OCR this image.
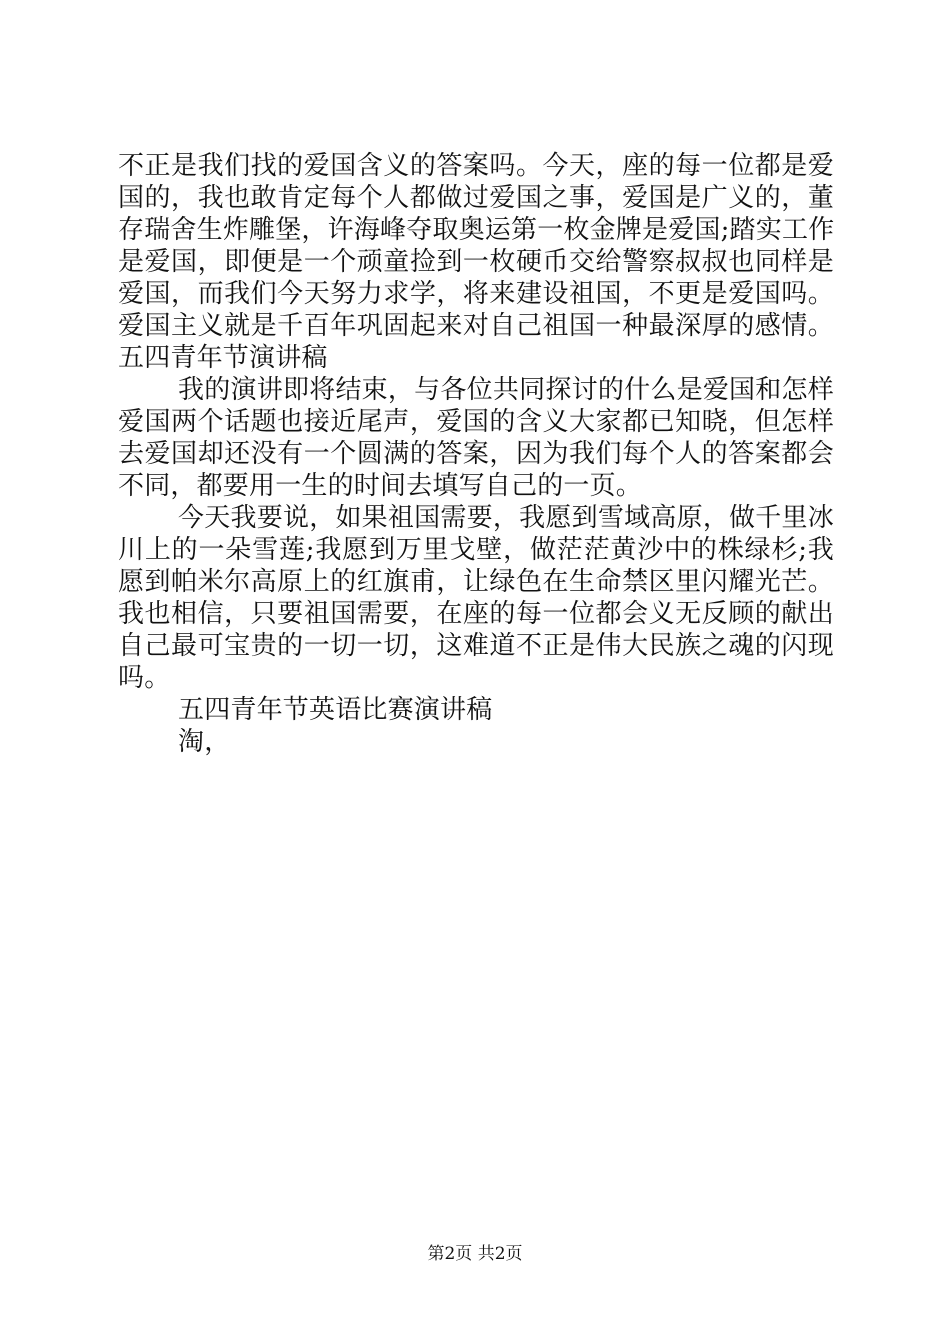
不正是我们找的爱国含义的答案吗。今天，座的每一位都是爱
国的，我也敢肯定每个人都做过爱国之事，爱国是广义的，董
存瑞舍生炸雕堡，许海峰夺取奥运第一枚金牌是爱国;踏实工作
是爱国，即便是一个顽童捡到一枚硬币交给警察叔叔也同样是
爱国，而我们今天努力求学，将来建设祖国，不更是爱国吗。
爱国主义就是千百年巩固起来对自己祖国一种最深厚的感情。
五四青年节演讲稿
我的演讲即将结束，与各位共同探讨的什么是爱国和怎样
爱国两个话题也接近尾声，爱国的含义大家都已知晓，但怎样
去爱国却还没有一个圆满的答案，因为我们每个人的答案都会
不同，都要用一生的时间去填写自己的一页。
今天我要说，如果祖国需要，我愿到雪域高原，做千里冰
川上的一朵雪莲;我愿到万里戈壁，做茫茫黄沙中的株绿杉;我
愿到帕米尔高原上的红旗甫，让绿色在生命禁区里闪耀光芒。
我也相信，只要祖国需要，在座的每一位都会义无反顾的献出
自己最可宝贵的一切一切，这难道不正是伟大民族之魂的闪现
吗。
五四青年节英语比赛演讲稿
淘，
第2页 共2页
